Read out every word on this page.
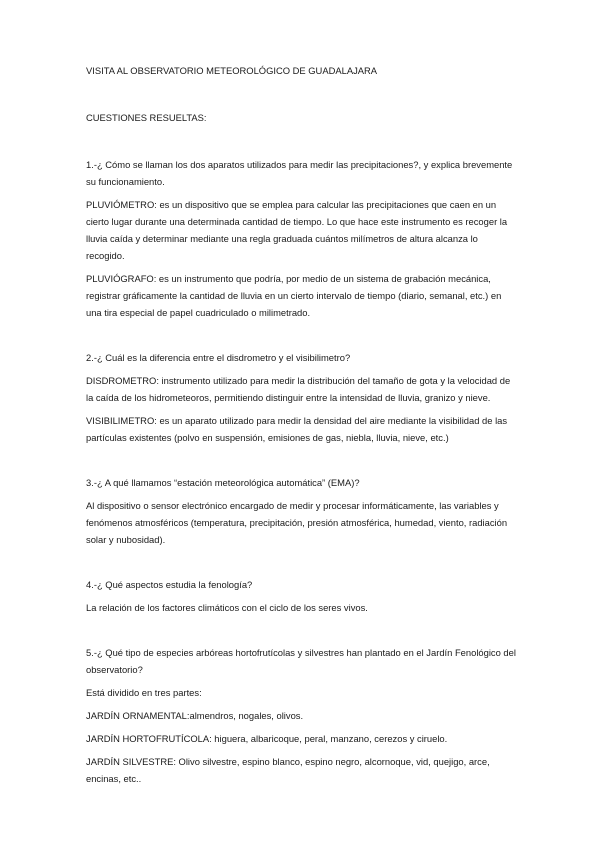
VISITA AL OBSERVATORIO METEOROLÓGICO DE GUADALAJARA

CUESTIONES RESUELTAS:

1.-¿ Cómo se llaman los dos aparatos utilizados para medir las precipitaciones?, y explica brevemente su funcionamiento.

PLUVIÓMETRO: es un dispositivo que se emplea para calcular las precipitaciones que caen en un cierto lugar durante una determinada cantidad de tiempo. Lo que hace este instrumento es recoger la lluvia caída y determinar mediante una regla graduada cuántos milímetros de altura alcanza lo recogido.

PLUVIÓGRAFO: es un instrumento que podría, por medio de un sistema de grabación mecánica, registrar gráficamente la cantidad de lluvia en un cierto intervalo de tiempo (diario, semanal, etc.) en una tira especial de papel cuadriculado o milimetrado.

2.-¿ Cuál es la diferencia entre el disdrometro y el visibilimetro?

DISDROMETRO: instrumento utilizado para medir la distribución del tamaño de gota y la velocidad de la caída de los hidrometeoros, permitiendo distinguir entre la intensidad de lluvia, granizo y nieve.

VISIBILIMETRO: es un aparato utilizado para medir la densidad del aire mediante la visibilidad de las partículas existentes (polvo en suspensión, emisiones de gas, niebla, lluvia, nieve, etc.)

3.-¿ A qué llamamos “estación meteorológica automática” (EMA)?

Al dispositivo o sensor electrónico encargado de medir y procesar informáticamente, las variables y fenómenos atmosféricos (temperatura, precipitación, presión atmosférica, humedad, viento, radiación solar y nubosidad).

4.-¿ Qué aspectos estudia la fenología?

La relación de los factores climáticos con el ciclo de los seres vivos.

5.-¿ Qué tipo de especies arbóreas hortofrutícolas y silvestres han plantado en el Jardín Fenológico del observatorio?

Está dividido en tres partes:

JARDÍN ORNAMENTAL:almendros, nogales, olivos.

JARDÍN HORTOFRUTÍCOLA: higuera, albaricoque, peral, manzano, cerezos y ciruelo.

JARDÍN SILVESTRE: Olivo silvestre, espino blanco, espino negro, alcornoque, vid, quejigo, arce, encinas, etc..
